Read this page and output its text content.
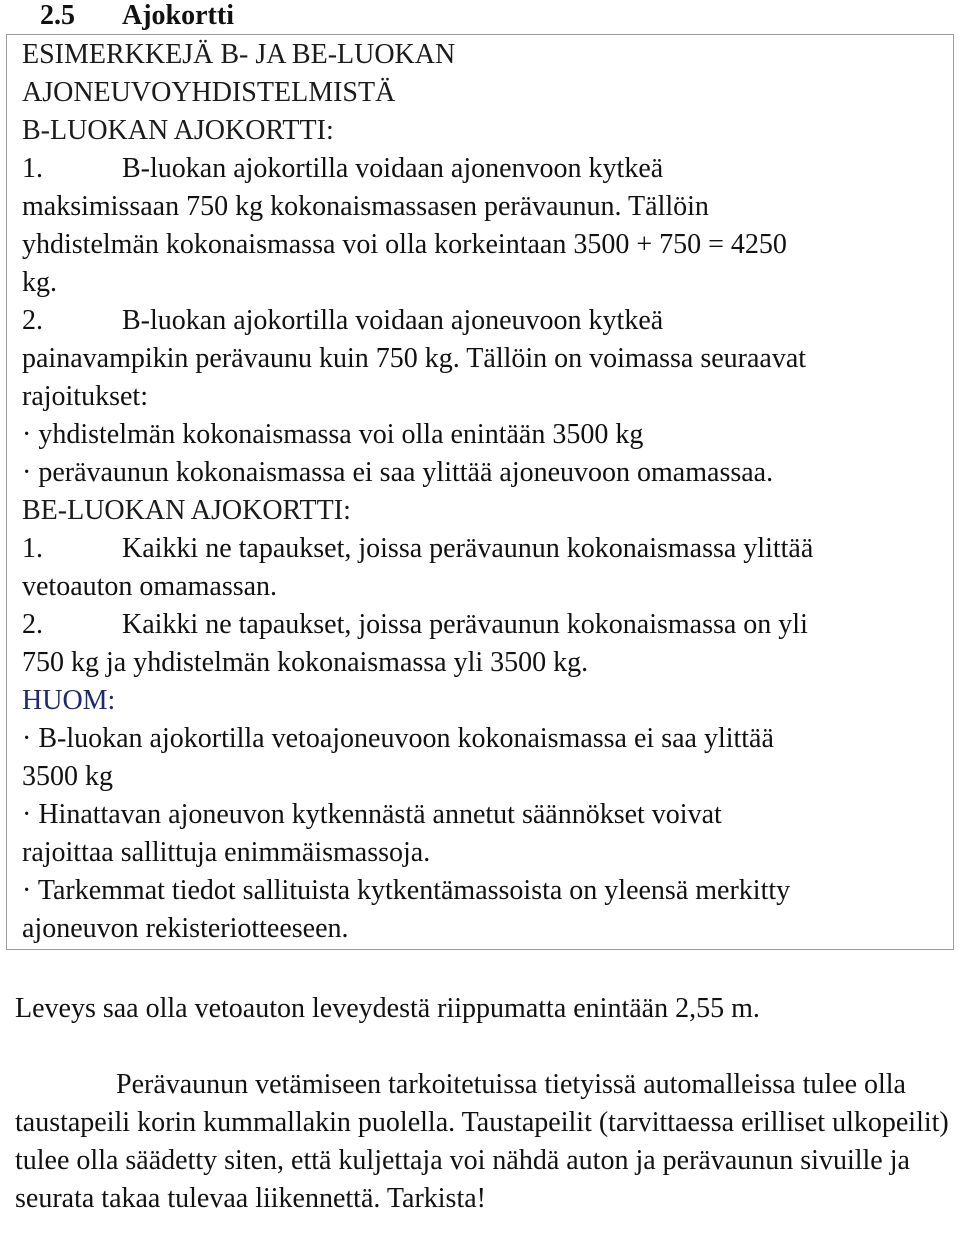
2.5 Ajokortti

ESIMERKKEJÄ B- JA BE-LUOKAN

AJONEUVOYHDISTELMISTÄ

B-LUOKAN AJOKORTTI:

1.	B-luokan ajokortilla voidaan ajonenvoon kytkeä

maksimissaan 750 kg kokonaismassasen perävaunun. Tällöin

yhdistelmän kokonaismassa voi olla korkeintaan 3500 + 750 = 4250

kg.

2.	B-luokan ajokortilla voidaan ajoneuvoon kytkeä

painavampikin perävaunu kuin 750 kg. Tällöin on voimassa seuraavat

rajoitukset:

· yhdistelmän kokonaismassa voi olla enintään 3500 kg

· perävaunun kokonaismassa ei saa ylittää ajoneuvoon omamassaa.

BE-LUOKAN AJOKORTTI:

1.	Kaikki ne tapaukset, joissa perävaunun kokonaismassa ylittää

vetoauton omamassan.

2.	Kaikki ne tapaukset, joissa perävaunun kokonaismassa on yli

750 kg ja yhdistelmän kokonaismassa yli 3500 kg.

HUOM:

· B-luokan ajokortilla vetoajoneuvoon kokonaismassa ei saa ylittää

3500 kg

· Hinattavan ajoneuvon kytkennästä annetut säännökset voivat

rajoittaa sallittuja enimmäismassoja.

· Tarkemmat tiedot sallituista kytkentämassoista on yleensä merkitty

ajoneuvon rekisteriotteeseen.

Leveys saa olla vetoauton leveydestä riippumatta enintään 2,55 m.

Perävaunun vetämiseen tarkoitetuissa tietyissä automalleissa tulee olla taustapeili korin kummallakin puolella. Taustapeilit (tarvittaessa erilliset ulkopeilit) tulee olla säädetty siten, että kuljettaja voi nähdä auton ja perävaunun sivuille ja seurata takaa tulevaa liikennettä. Tarkista!
